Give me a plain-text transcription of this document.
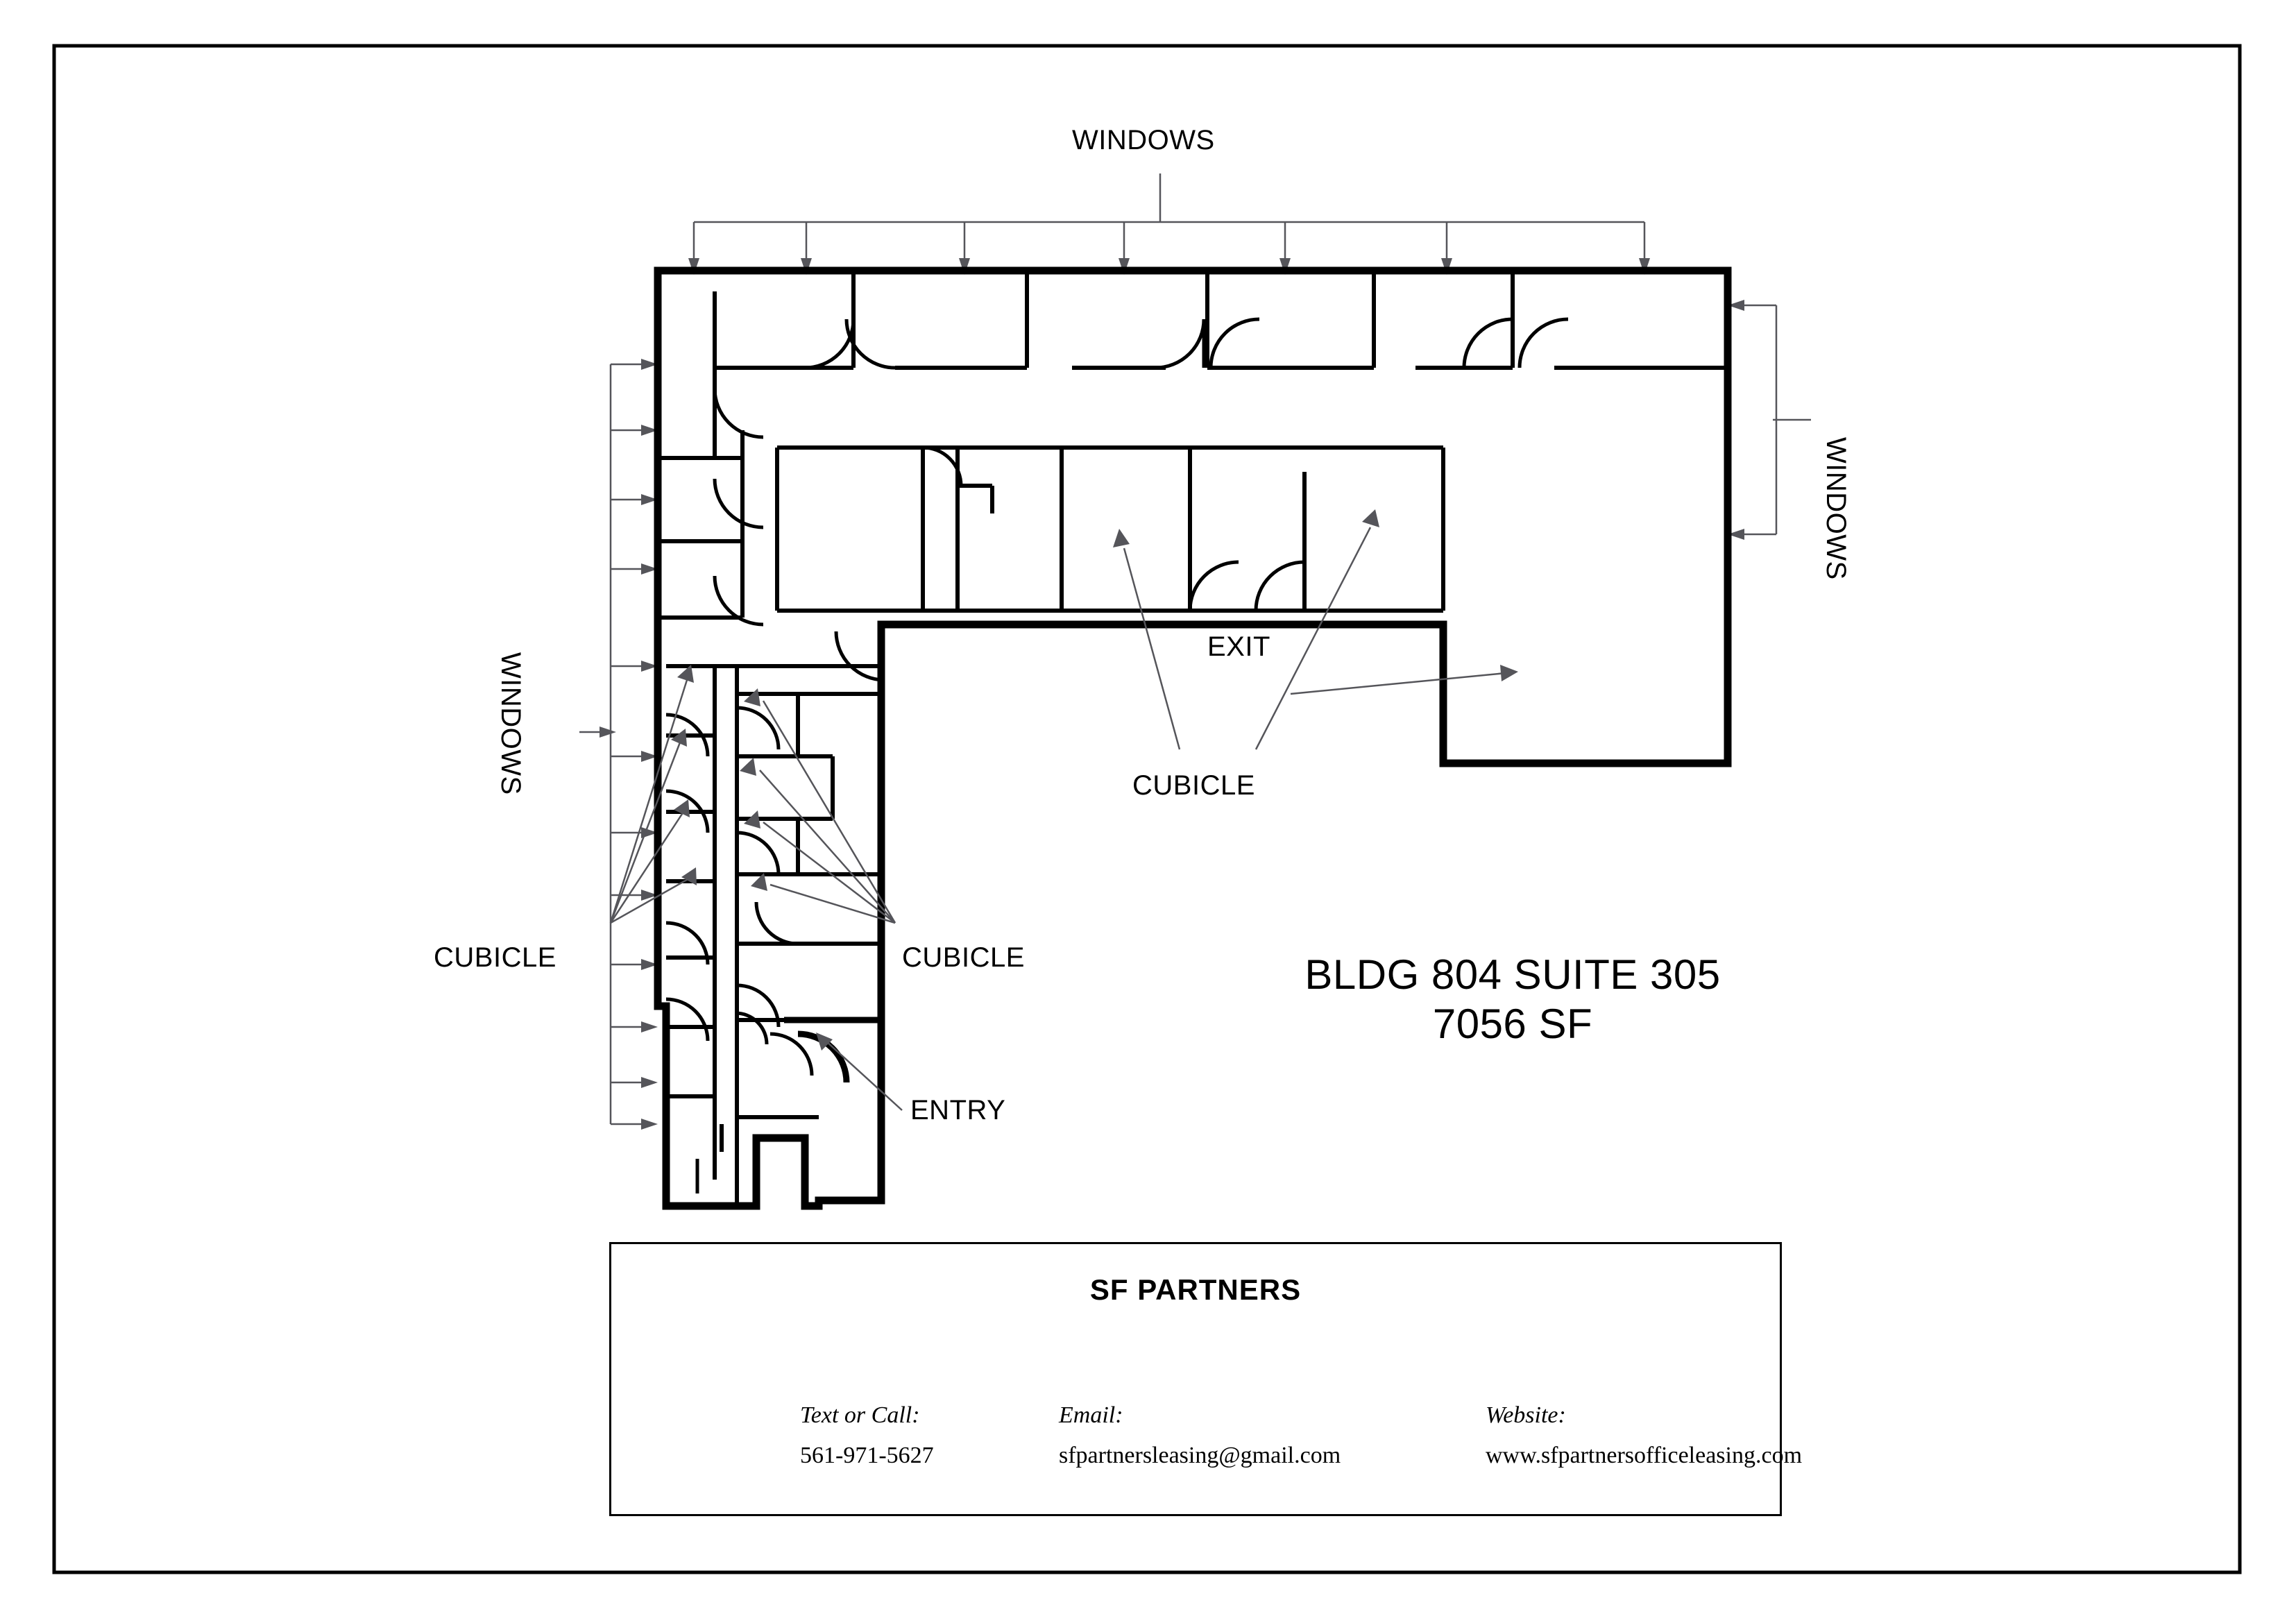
WINDOWS
WINDOWS
WINDOWS
CUBICLE	CUBICLE
CUBICLE
EXIT
ENTRY
BLDG 804 SUITE 305
7056 SF
SF PARTNERS
Text or Call:
561-971-5627
Email:
sfpartnersleasing@gmail.com
Website:
www.sfpartnersofficeleasing.com
